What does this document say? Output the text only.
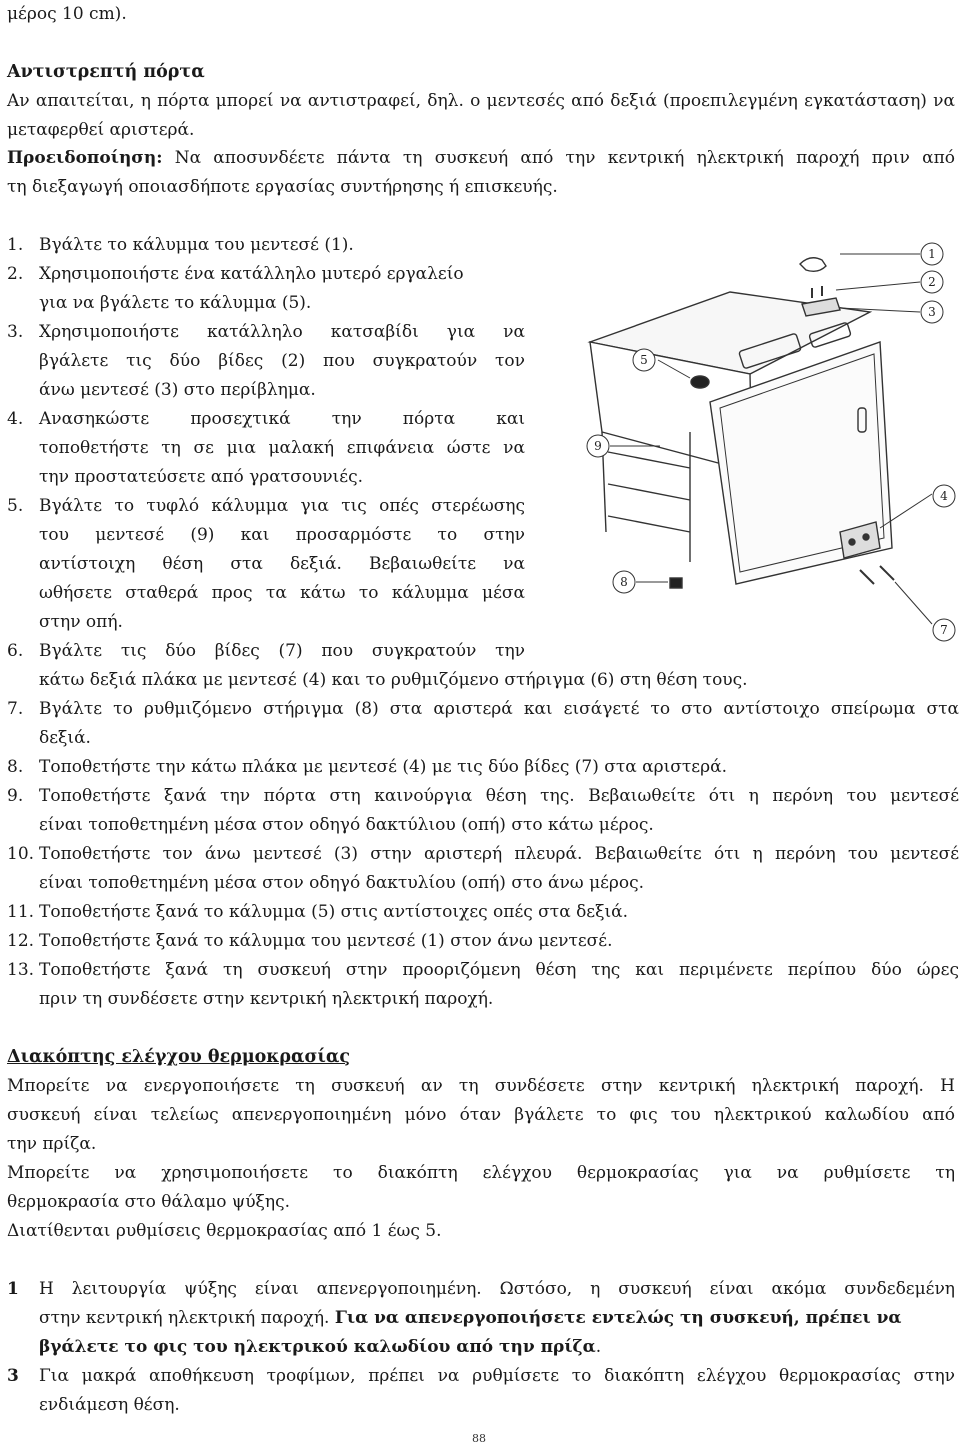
μέρος 10 cm).
Αντιστρεπτή πόρτα
Αν απαιτείται, η πόρτα μπορεί να αντιστραφεί, δηλ. ο μεντεσές από δεξιά (προεπιλεγμένη εγκατάσταση) να
μεταφερθεί αριστερά.
Προειδοποίηση: Να αποσυνδέετε πάντα τη συσκευή από την κεντρική ηλεκτρική παροχή πριν από
τη διεξαγωγή οποιασδήποτε εργασίας συντήρησης ή επισκευής.
1. Βγάλτε το κάλυμμα του μεντεσέ (1).
2. Χρησιμοποιήστε ένα κατάλληλο μυτερό εργαλείο
για να βγάλετε το κάλυμμα (5).
3. Χρησιμοποιήστε κατάλληλο κατσαβίδι για να
βγάλετε τις δύο βίδες (2) που συγκρατούν τον
άνω μεντεσέ (3) στο περίβλημα.
4. Ανασηκώστε προσεχτικά την πόρτα και
τοποθετήστε τη σε μια μαλακή επιφάνεια ώστε να
την προστατεύσετε από γρατσουνιές.
5. Βγάλτε το τυφλό κάλυμμα για τις οπές στερέωσης
του μεντεσέ (9) και προσαρμόστε το στην
αντίστοιχη θέση στα δεξιά. Βεβαιωθείτε να
ωθήσετε σταθερά προς τα κάτω το κάλυμμα μέσα
στην οπή.
6. Βγάλτε τις δύο βίδες (7) που συγκρατούν την
κάτω δεξιά πλάκα με μεντεσέ (4) και το ρυθμιζόμενο στήριγμα (6) στη θέση τους.
7. Βγάλτε το ρυθμιζόμενο στήριγμα (8) στα αριστερά και εισάγετέ το στο αντίστοιχο σπείρωμα στα
δεξιά.
8. Τοποθετήστε την κάτω πλάκα με μεντεσέ (4) με τις δύο βίδες (7) στα αριστερά.
9. Τοποθετήστε ξανά την πόρτα στη καινούργια θέση της. Βεβαιωθείτε ότι η περόνη του μεντεσέ
είναι τοποθετημένη μέσα στον οδηγό δακτύλιου (οπή) στο κάτω μέρος.
10. Τοποθετήστε τον άνω μεντεσέ (3) στην αριστερή πλευρά. Βεβαιωθείτε ότι η περόνη του μεντεσέ
είναι τοποθετημένη μέσα στον οδηγό δακτυλίου (οπή) στο άνω μέρος.
11. Τοποθετήστε ξανά το κάλυμμα (5) στις αντίστοιχες οπές στα δεξιά.
12. Τοποθετήστε ξανά το κάλυμμα του μεντεσέ (1) στον άνω μεντεσέ.
13. Τοποθετήστε ξανά τη συσκευή στην προοριζόμενη θέση της και περιμένετε περίπου δύο ώρες
πριν τη συνδέσετε στην κεντρική ηλεκτρική παροχή.
Διακόπτης ελέγχου θερμοκρασίας
Μπορείτε να ενεργοποιήσετε τη συσκευή αν τη συνδέσετε στην κεντρική ηλεκτρική παροχή. Η
συσκευή είναι τελείως απενεργοποιημένη μόνο όταν βγάλετε το φις του ηλεκτρικού καλωδίου από
την πρίζα.
Μπορείτε να χρησιμοποιήσετε το διακόπτη ελέγχου θερμοκρασίας για να ρυθμίσετε τη
θερμοκρασία στο θάλαμο ψύξης.
Διατίθενται ρυθμίσεις θερμοκρασίας από 1 έως 5.
1 Η λειτουργία ψύξης είναι απενεργοποιημένη. Ωστόσο, η συσκευή είναι ακόμα συνδεδεμένη
στην κεντρική ηλεκτρική παροχή. Για να απενεργοποιήσετε εντελώς τη συσκευή, πρέπει να
βγάλετε το φις του ηλεκτρικού καλωδίου από την πρίζα.
3 Για μακρά αποθήκευση τροφίμων, πρέπει να ρυθμίσετε το διακόπτη ελέγχου θερμοκρασίας στην
ενδιάμεση θέση.
88
1
2
3
5
9
4
8
7
